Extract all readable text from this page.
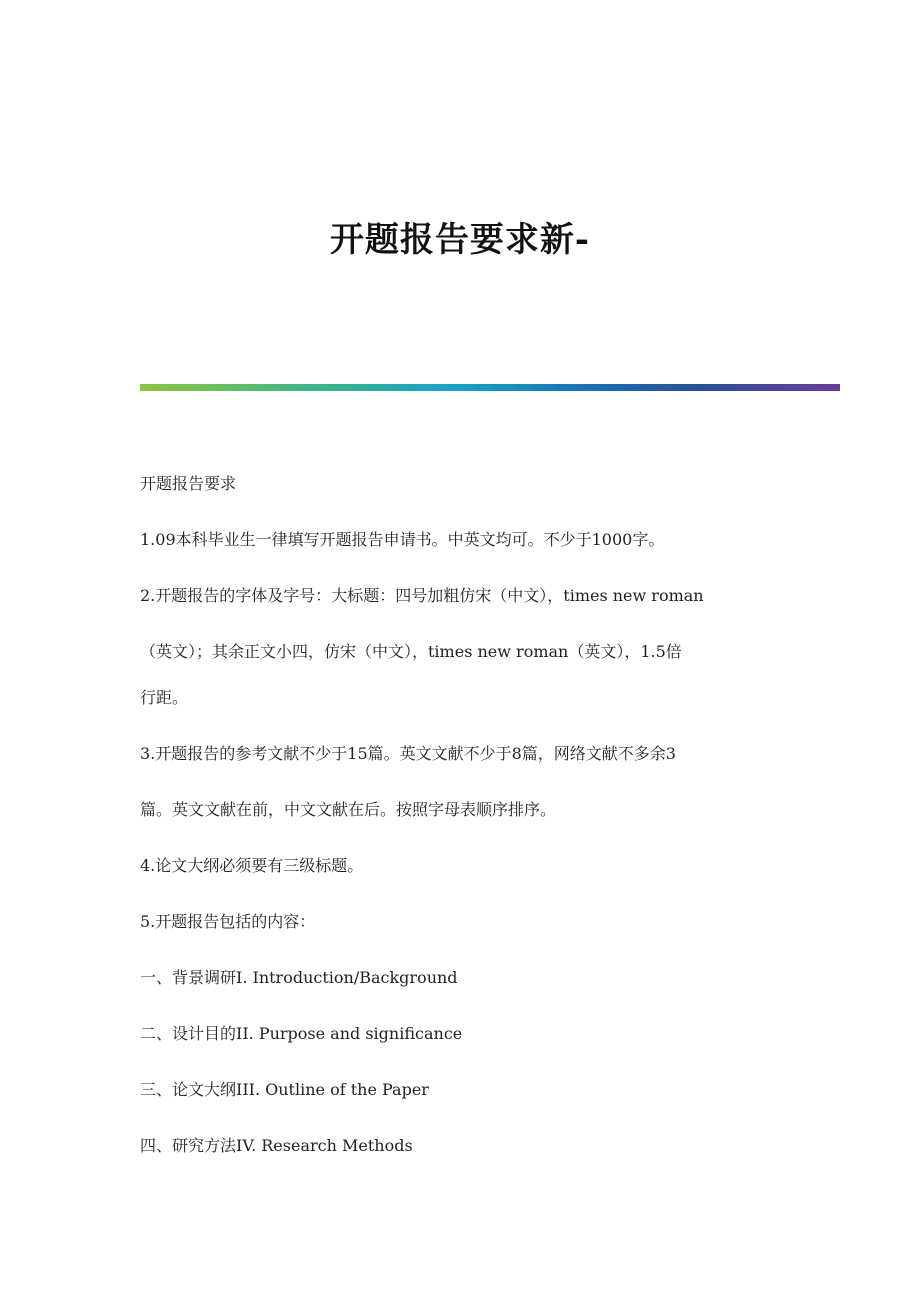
开题报告要求新-

开题报告要求

1.09本科毕业生一律填写开题报告申请书。中英文均可。不少于1000字。

2.开题报告的字体及字号：大标题：四号加粗仿宋（中文），times new roman

（英文）；其余正文小四，仿宋（中文），times new roman（英文），1.5倍

行距。

3.开题报告的参考文献不少于15篇。英文文献不少于8篇，网络文献不多余3

篇。英文文献在前，中文文献在后。按照字母表顺序排序。

4.论文大纲必须要有三级标题。

5.开题报告包括的内容：

一、背景调研I. Introduction/Background

二、设计目的II. Purpose and significance

三、论文大纲III. Outline of the Paper

四、研究方法IV. Research Methods
